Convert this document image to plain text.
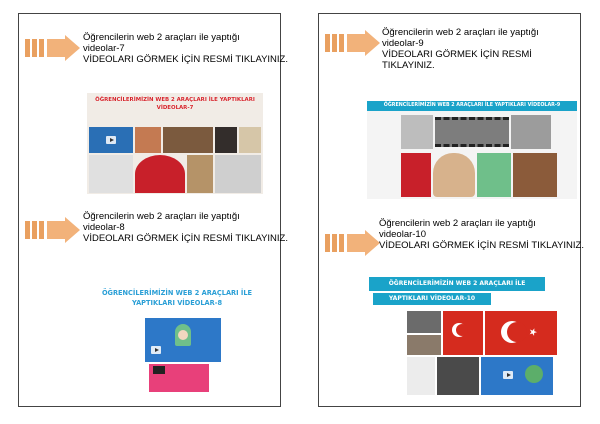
Öğrencilerin web 2 araçları ile yaptığı
videolar-7
VİDEOLARI GÖRMEK İÇİN RESMİ TIKLAYINIZ.
ÖĞRENCİLERİMİZİN WEB 2 ARAÇLARI İLE YAPTIKLARI
VİDEOLAR-7
Öğrencilerin web 2 araçları ile yaptığı
videolar-8
VİDEOLARI GÖRMEK İÇİN RESMİ TIKLAYINIZ.
ÖĞRENCİLERİMİZİN WEB 2 ARAÇLARI İLE
YAPTIKLARI VİDEOLAR-8
Öğrencilerin web 2 araçları ile yaptığı
videolar-9
VİDEOLARI GÖRMEK İÇİN RESMİ
TIKLAYINIZ.
ÖĞRENCİLERİMİZİN WEB 2 ARAÇLARI İLE YAPTIKLARI VİDEOLAR-9
Öğrencilerin web 2 araçları ile yaptığı
videolar-10
VİDEOLARI GÖRMEK İÇİN RESMİ TIKLAYINIZ.
ÖĞRENCİLERİMİZİN WEB 2 ARAÇLARI İLE
YAPTIKLARI VİDEOLAR-10
